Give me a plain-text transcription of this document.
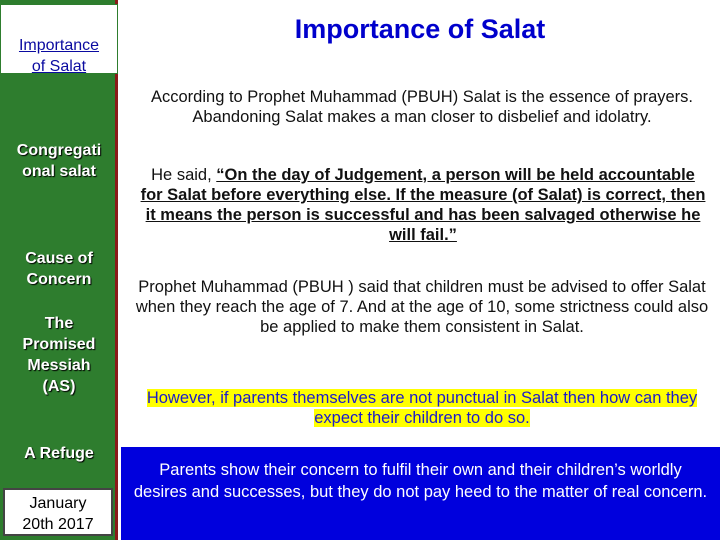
Importance
of Salat
Congregati
onal salat
Cause of
Concern
The
Promised
Messiah
(AS)
A Refuge
January
20th 2017
Importance of Salat
According to Prophet Muhammad (PBUH) Salat is the essence of prayers. Abandoning Salat makes a man closer to disbelief and idolatry.
He said, “On the day of Judgement, a person will be held accountable for Salat before everything else. If the measure (of Salat) is correct, then it means the person is successful and has been salvaged otherwise he will fail.”
Prophet Muhammad (PBUH ) said that children must be advised to offer Salat when they reach the age of 7. And at the age of 10, some strictness could also be applied to make them consistent in Salat.
However, if parents themselves are not punctual in Salat then how can they expect their children to do so.
Parents show their concern to fulfil their own and their children’s worldly desires and successes, but they do not pay heed to the matter of real concern.
